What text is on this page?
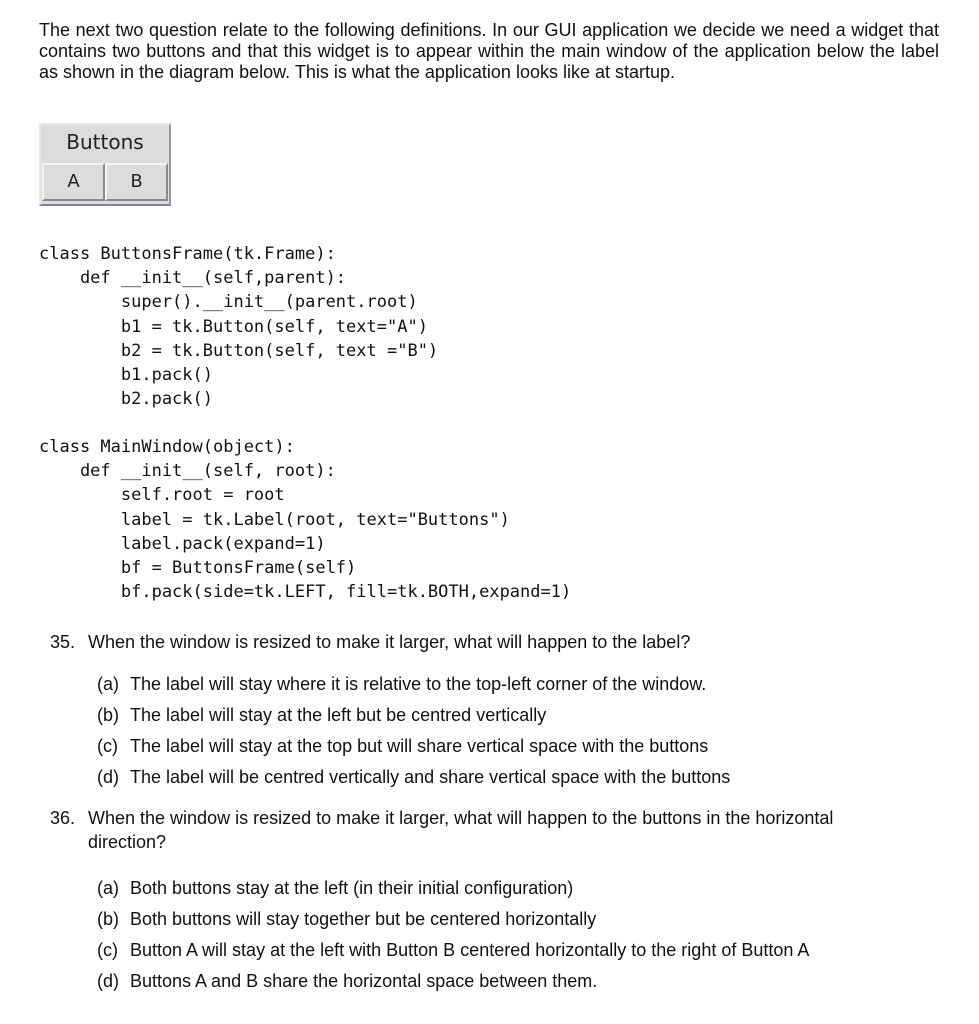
The next two question relate to the following definitions. In our GUI application we decide we need a widget that contains two buttons and that this widget is to appear within the main window of the application below the label as shown in the diagram below. This is what the application looks like at startup.

Buttons
A	B
class ButtonsFrame(tk.Frame):
def __init__(self,parent):
super().__init__(parent.root)
b1 = tk.Button(self, text="A")
b2 = tk.Button(self, text ="B")
b1.pack()
b2.pack()
class MainWindow(object):
def __init__(self, root):
self.root = root
label = tk.Label(root, text="Buttons")
label.pack(expand=1)
bf = ButtonsFrame(self)
bf.pack(side=tk.LEFT, fill=tk.BOTH,expand=1)

35. When the window is resized to make it larger, what will happen to the label?

(a) The label will stay where it is relative to the top-left corner of the window.

(b) The label will stay at the left but be centred vertically

(c) The label will stay at the top but will share vertical space with the buttons

(d) The label will be centred vertically and share vertical space with the buttons

36. When the window is resized to make it larger, what will happen to the buttons in the horizontal
direction?

(a) Both buttons stay at the left (in their initial configuration)

(b) Both buttons will stay together but be centered horizontally

(c) Button A will stay at the left with Button B centered horizontally to the right of Button A

(d) Buttons A and B share the horizontal space between them.
